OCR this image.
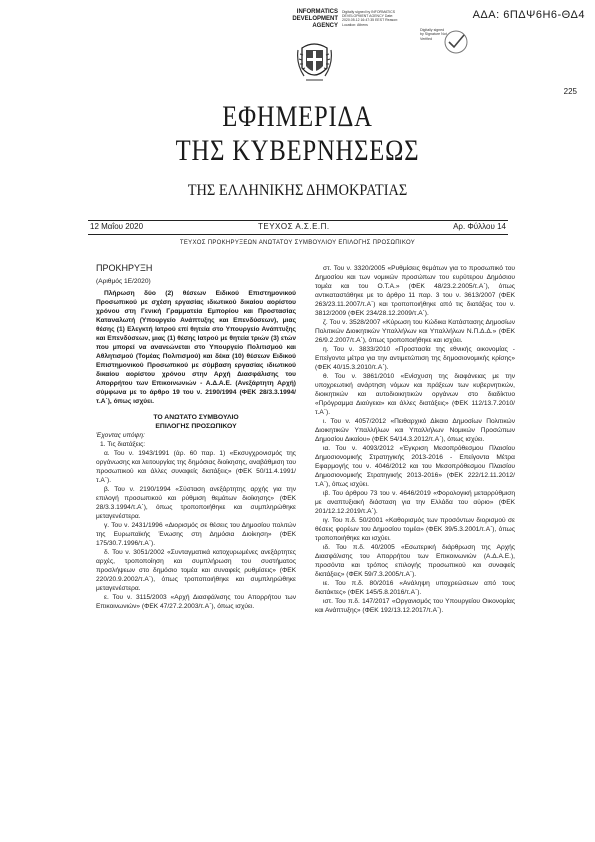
ΑΔΑ: 6ΠΔΨ6Η6-ΘΔ4
225
INFORMATICS
DEVELOPMENT
AGENCY
Digitally signed by INFORMATICS DEVELOPMENT AGENCY Date: 2020.05.12 16:47:35 EEST Reason: Location: Athens
Digitally signed by Signature Not Verified
ΕΦΗΜΕΡΙΔΑ
ΤΗΣ ΚΥΒΕΡΝΗΣΕΩΣ
ΤΗΣ ΕΛΛΗΝΙΚΗΣ ΔΗΜΟΚΡΑΤΙΑΣ
12 Μαΐου 2020	ΤΕΥΧΟΣ Α.Σ.Ε.Π.	Αρ. Φύλλου 14
ΤΕΥΧΟΣ ΠΡΟΚΗΡΥΞΕΩΝ ΑΝΩΤΑΤΟΥ ΣΥΜΒΟΥΛΙΟΥ ΕΠΙΛΟΓΗΣ ΠΡΟΣΩΠΙΚΟΥ

ΠΡΟΚΗΡΥΞΗ

(Αριθμός 1Ε/2020)

Πλήρωση δύο (2) θέσεων Ειδικού Επιστημονικού Προσωπικού με σχέση εργασίας ιδιωτικού δικαίου αορίστου χρόνου στη Γενική Γραμματεία Εμπορίου και Προστασίας Καταναλωτή (Υπουργείο Ανάπτυξης και Επενδύσεων), μιας θέσης (1) Ελεγκτή Ιατρού επί θητεία στο Υπουργείο Ανάπτυξης και Επενδύσεων, μιας (1) θέσης Ιατρού με θητεία τριών (3) ετών που μπορεί να ανανεώνεται στο Υπουργείο Πολιτισμού και Αθλητισμού (Τομέας Πολιτισμού) και δέκα (10) θέσεων Ειδικού Επιστημονικού Προσωπικού με σύμβαση εργασίας ιδιωτικού δικαίου αορίστου χρόνου στην Αρχή Διασφάλισης του Απορρήτου των Επικοινωνιών - Α.Δ.Α.Ε. (Ανεξάρτητη Αρχή) σύμφωνα με το άρθρο 19 του ν. 2190/1994 (ΦΕΚ 28/3.3.1994/τ.Α΄), όπως ισχύει.

ΤΟ ΑΝΩΤΑΤΟ ΣΥΜΒΟΥΛΙΟ

ΕΠΙΛΟΓΗΣ ΠΡΟΣΩΠΙΚΟΥ

Έχοντας υπόψη:

1. Τις διατάξεις:

α. Του ν. 1943/1991 (άρ. 60 παρ. 1) «Εκσυγχρονισμός της οργάνωσης και λειτουργίας της δημόσιας διοίκησης, αναβάθμιση του προσωπικού και άλλες συναφείς διατάξεις» (ΦΕΚ 50/11.4.1991/τ.Α΄).

β. Του ν. 2190/1994 «Σύσταση ανεξάρτητης αρχής για την επιλογή προσωπικού και ρύθμιση θεμάτων διοίκησης» (ΦΕΚ 28/3.3.1994/τ.Α΄), όπως τροποποιήθηκε και συμπληρώθηκε μεταγενέστερα.

γ. Του ν. 2431/1996 «Διορισμός σε θέσεις του Δημοσίου πολιτών της Ευρωπαϊκής Ένωσης στη Δημόσια Διοίκηση» (ΦΕΚ 175/30.7.1996/τ.Α΄).

δ. Του ν. 3051/2002 «Συνταγματικά κατοχυρωμένες ανεξάρτητες αρχές, τροποποίηση και συμπλήρωση του συστήματος προσλήψεων στο δημόσιο τομέα και συναφείς ρυθμίσεις» (ΦΕΚ 220/20.9.2002/τ.Α΄), όπως τροποποιήθηκε και συμπληρώθηκε μεταγενέστερα.

ε. Του ν. 3115/2003 «Αρχή Διασφάλισης του Απορρήτου των Επικοινωνιών» (ΦΕΚ 47/27.2.2003/τ.Α΄), όπως ισχύει.

στ. Του ν. 3320/2005 «Ρυθμίσεις θεμάτων για το προσωπικό του Δημοσίου και των νομικών προσώπων του ευρύτερου Δημόσιου τομέα και του Ο.Τ.Α.» (ΦΕΚ 48/23.2.2005/τ.Α΄), όπως αντικαταστάθηκε με το άρθρο 11 παρ. 3 του ν. 3613/2007 (ΦΕΚ 263/23.11.2007/τ.Α΄) και τροποποιήθηκε από τις διατάξεις του ν. 3812/2009 (ΦΕΚ 234/28.12.2009/τ.Α΄).

ζ. Του ν. 3528/2007 «Κύρωση του Κώδικα Κατάστασης Δημοσίων Πολιτικών Διοικητικών Υπαλλήλων και Υπαλλήλων Ν.Π.Δ.Δ.» (ΦΕΚ 26/9.2.2007/τ.Α΄), όπως τροποποιήθηκε και ισχύει.

η. Του ν. 3833/2010 «Προστασία της εθνικής οικονομίας - Επείγοντα μέτρα για την αντιμετώπιση της δημοσιονομικής κρίσης» (ΦΕΚ 40/15.3.2010/τ.Α΄).

θ. Του ν. 3861/2010 «Ενίσχυση της διαφάνειας με την υποχρεωτική ανάρτηση νόμων και πράξεων των κυβερνητικών, διοικητικών και αυτοδιοικητικών οργάνων στο διαδίκτυο «Πρόγραμμα Διαύγεια» και άλλες διατάξεις» (ΦΕΚ 112/13.7.2010/τ.Α΄).

ι. Του ν. 4057/2012 «Πειθαρχικό Δίκαιο Δημοσίων Πολιτικών Διοικητικών Υπαλλήλων και Υπαλλήλων Νομικών Προσώπων Δημοσίου Δικαίου» (ΦΕΚ 54/14.3.2012/τ.Α΄), όπως ισχύει.

ια. Του ν. 4093/2012 «Έγκριση Μεσοπρόθεσμου Πλαισίου Δημοσιονομικής Στρατηγικής 2013-2016 - Επείγοντα Μέτρα Εφαρμογής του ν. 4046/2012 και του Μεσοπρόθεσμου Πλαισίου Δημοσιονομικής Στρατηγικής 2013-2016» (ΦΕΚ 222/12.11.2012/τ.Α΄), όπως ισχύει.

ιβ. Του άρθρου 73 του ν. 4646/2019 «Φορολογική μεταρρύθμιση με αναπτυξιακή διάσταση για την Ελλάδα του αύριο» (ΦΕΚ 201/12.12.2019/τ.Α΄).

ιγ. Του π.δ. 50/2001 «Καθορισμός των προσόντων διορισμού σε θέσεις φορέων του Δημοσίου τομέα» (ΦΕΚ 39/5.3.2001/τ.Α΄), όπως τροποποιήθηκε και ισχύει.

ιδ. Του π.δ. 40/2005 «Εσωτερική διάρθρωση της Αρχής Διασφάλισης του Απορρήτου των Επικοινωνιών (Α.Δ.Α.Ε.), προσόντα και τρόπος επιλογής προσωπικού και συναφείς διατάξεις» (ΦΕΚ 59/7.3.2005/τ.Α΄).

ιε. Του π.δ. 80/2016 «Ανάληψη υποχρεώσεων από τους διατάκτες» (ΦΕΚ 145/5.8.2016/τ.Α΄).

ιστ. Του π.δ. 147/2017 «Οργανισμός του Υπουργείου Οικονομίας και Ανάπτυξης» (ΦΕΚ 192/13.12.2017/τ.Α΄).
